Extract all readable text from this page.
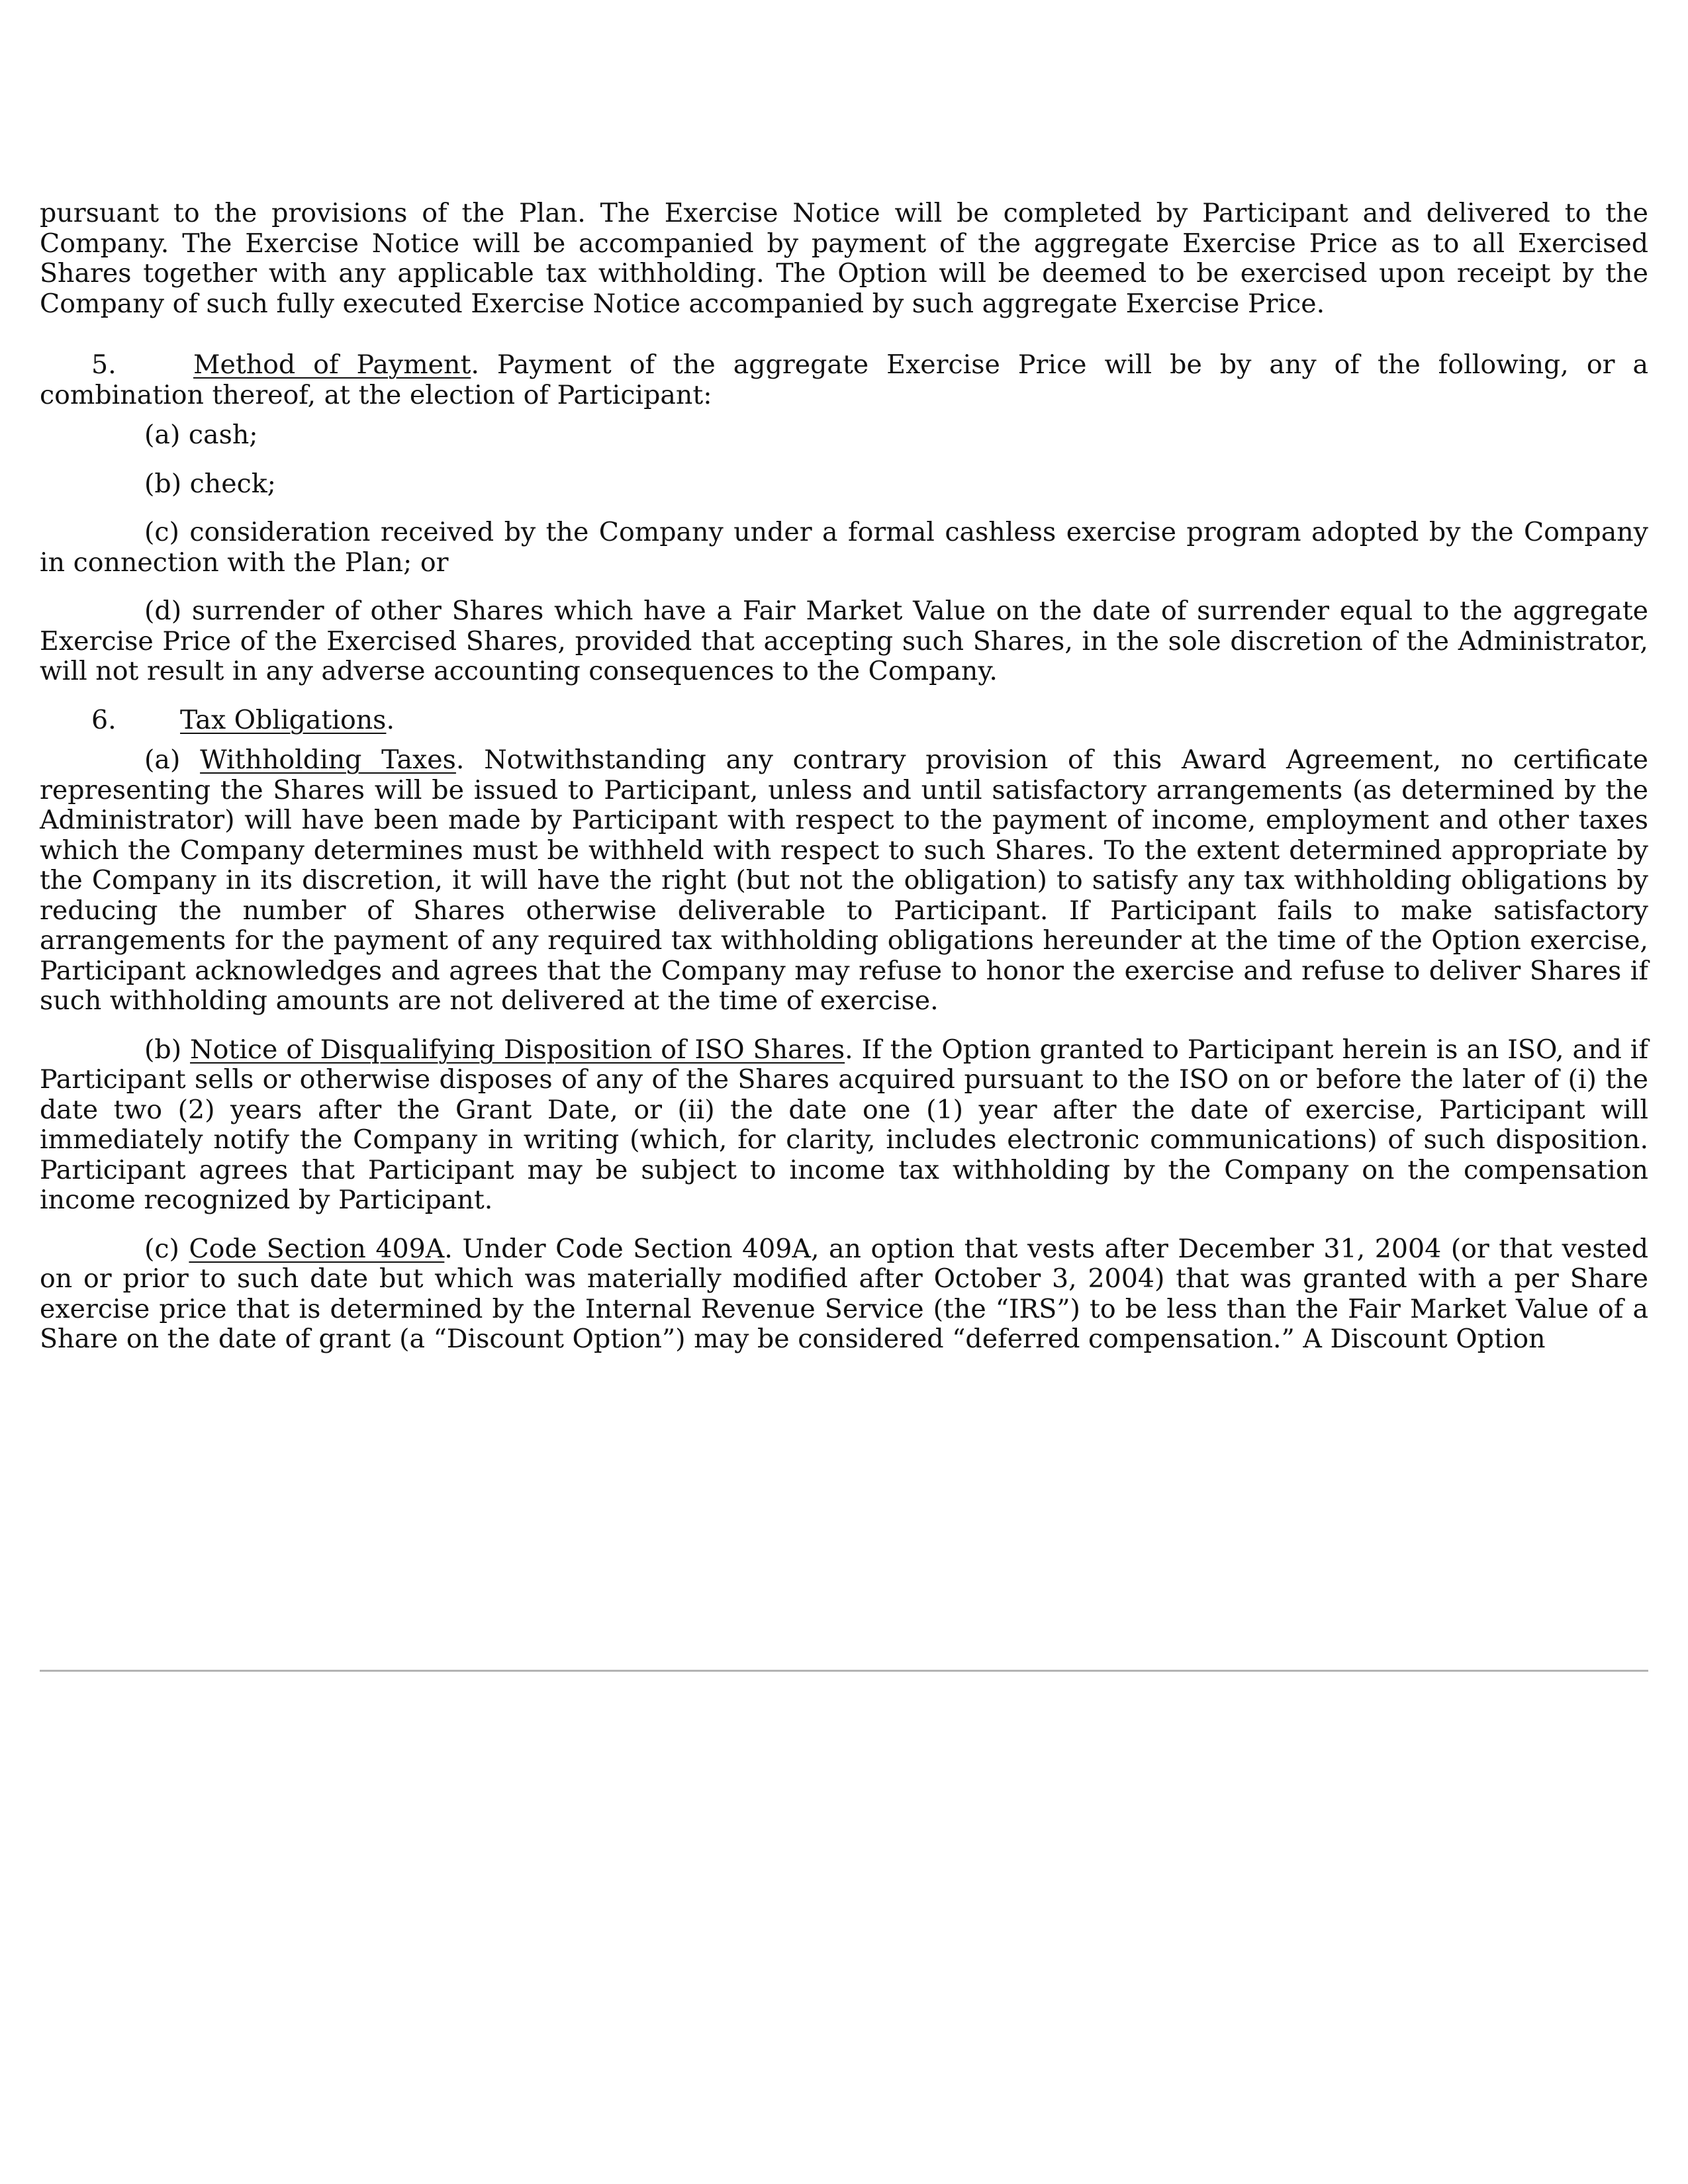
pursuant to the provisions of the Plan. The Exercise Notice will be completed by Participant and delivered to the Company. The Exercise Notice will be accompanied by payment of the aggregate Exercise Price as to all Exercised Shares together with any applicable tax withholding. The Option will be deemed to be exercised upon receipt by the Company of such fully executed Exercise Notice accompanied by such aggregate Exercise Price.

5.	Method of Payment. Payment of the aggregate Exercise Price will be by any of the following, or a combination thereof, at the election of Participant:

(a) cash;

(b) check;

(c) consideration received by the Company under a formal cashless exercise program adopted by the Company in connection with the Plan; or

(d) surrender of other Shares which have a Fair Market Value on the date of surrender equal to the aggregate Exercise Price of the Exercised Shares, provided that accepting such Shares, in the sole discretion of the Administrator, will not result in any adverse accounting consequences to the Company.

6. Tax Obligations.

(a) Withholding Taxes. Notwithstanding any contrary provision of this Award Agreement, no certificate representing the Shares will be issued to Participant, unless and until satisfactory arrangements (as determined by the Administrator) will have been made by Participant with respect to the payment of income, employment and other taxes which the Company determines must be withheld with respect to such Shares. To the extent determined appropriate by the Company in its discretion, it will have the right (but not the obligation) to satisfy any tax withholding obligations by reducing the number of Shares otherwise deliverable to Participant. If Participant fails to make satisfactory arrangements for the payment of any required tax withholding obligations hereunder at the time of the Option exercise, Participant acknowledges and agrees that the Company may refuse to honor the exercise and refuse to deliver Shares if such withholding amounts are not delivered at the time of exercise.

(b) Notice of Disqualifying Disposition of ISO Shares. If the Option granted to Participant herein is an ISO, and if Participant sells or otherwise disposes of any of the Shares acquired pursuant to the ISO on or before the later of (i) the date two (2) years after the Grant Date, or (ii) the date one (1) year after the date of exercise, Participant will immediately notify the Company in writing (which, for clarity, includes electronic communications) of such disposition. Participant agrees that Participant may be subject to income tax withholding by the Company on the compensation income recognized by Participant.

(c) Code Section 409A. Under Code Section 409A, an option that vests after December 31, 2004 (or that vested on or prior to such date but which was materially modified after October 3, 2004) that was granted with a per Share exercise price that is determined by the Internal Revenue Service (the “IRS”) to be less than the Fair Market Value of a Share on the date of grant (a “Discount Option”) may be considered “deferred compensation.” A Discount Option
